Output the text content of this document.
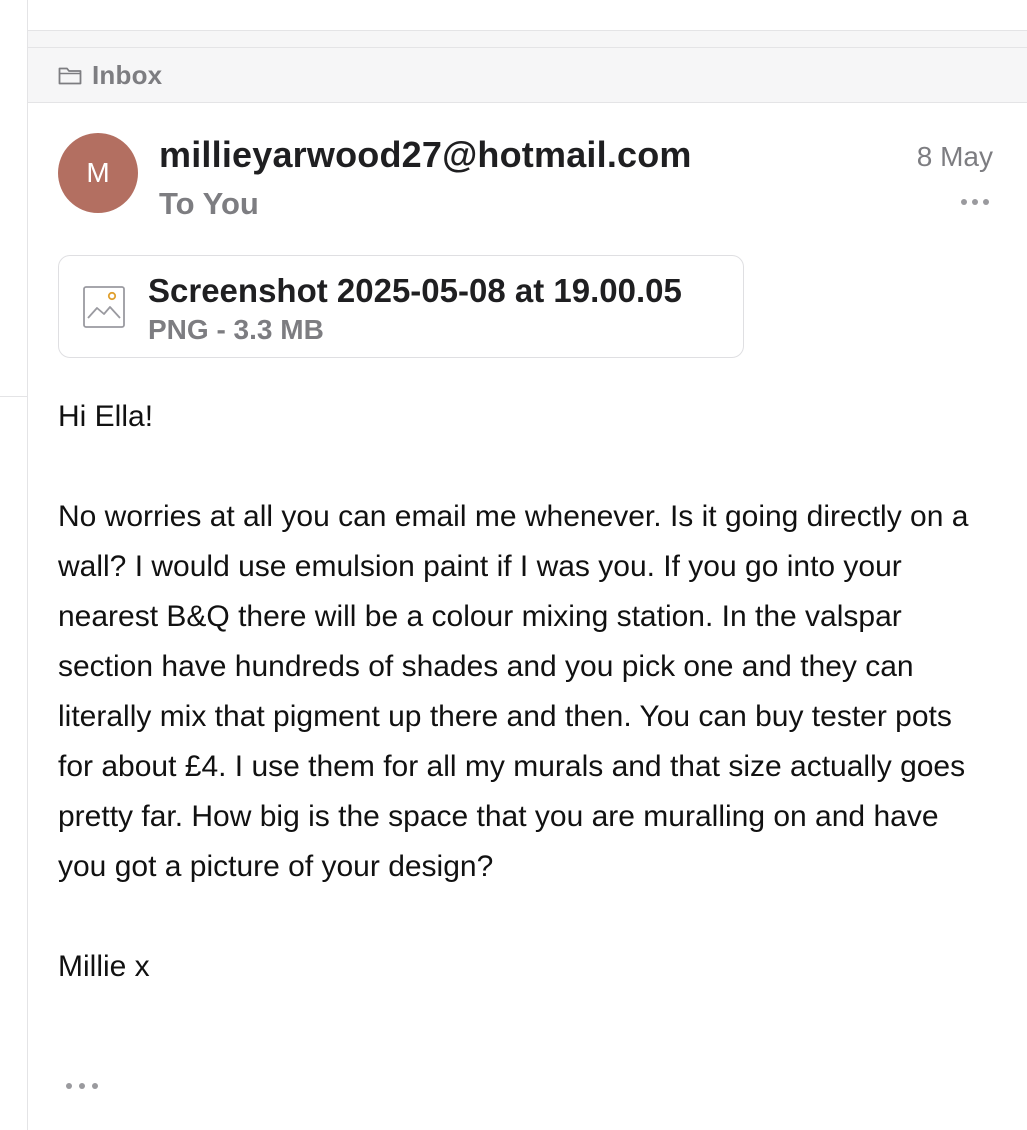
Inbox
M	millieyarwood27@hotmail.com
To You
8 May
Screenshot 2025-05-08 at 19.00.05
PNG - 3.3 MB

Hi Ella!

No worries at all you can email me whenever. Is it going directly on a wall? I would use emulsion paint if I was you. If you go into your nearest B&Q there will be a colour mixing station. In the valspar section have hundreds of shades and you pick one and they can literally mix that pigment up there and then. You can buy tester pots for about £4. I use them for all my murals and that size actually goes pretty far. How big is the space that you are muralling on and have you got a picture of your design?

Millie x
